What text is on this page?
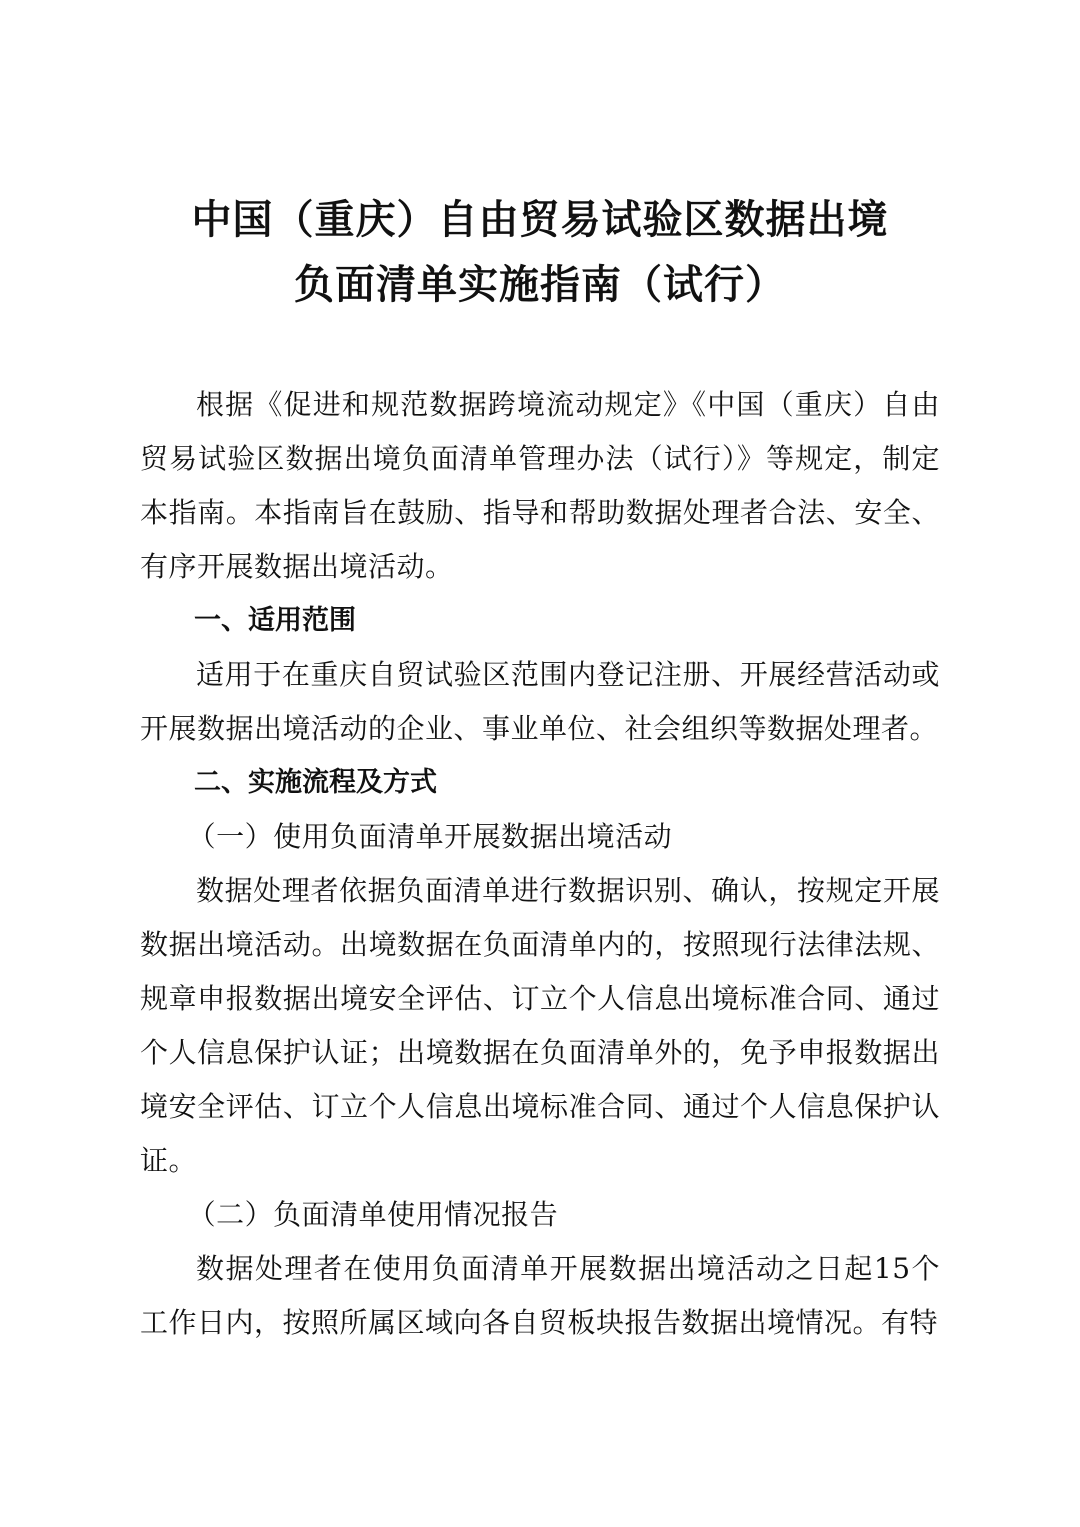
中国（重庆）自由贸易试验区数据出境
负面清单实施指南（试行）

根据《促进和规范数据跨境流动规定》《中国（重庆）自由贸易试验区数据出境负面清单管理办法（试行）》等规定，制定本指南。本指南旨在鼓励、指导和帮助数据处理者合法、安全、有序开展数据出境活动。

一、适用范围

适用于在重庆自贸试验区范围内登记注册、开展经营活动或开展数据出境活动的企业、事业单位、社会组织等数据处理者。

二、实施流程及方式

（一）使用负面清单开展数据出境活动

数据处理者依据负面清单进行数据识别、确认，按规定开展数据出境活动。出境数据在负面清单内的，按照现行法律法规、规章申报数据出境安全评估、订立个人信息出境标准合同、通过个人信息保护认证；出境数据在负面清单外的，免予申报数据出境安全评估、订立个人信息出境标准合同、通过个人信息保护认证。

（二）负面清单使用情况报告

数据处理者在使用负面清单开展数据出境活动之日起15个工作日内，按照所属区域向各自贸板块报告数据出境情况。有特
